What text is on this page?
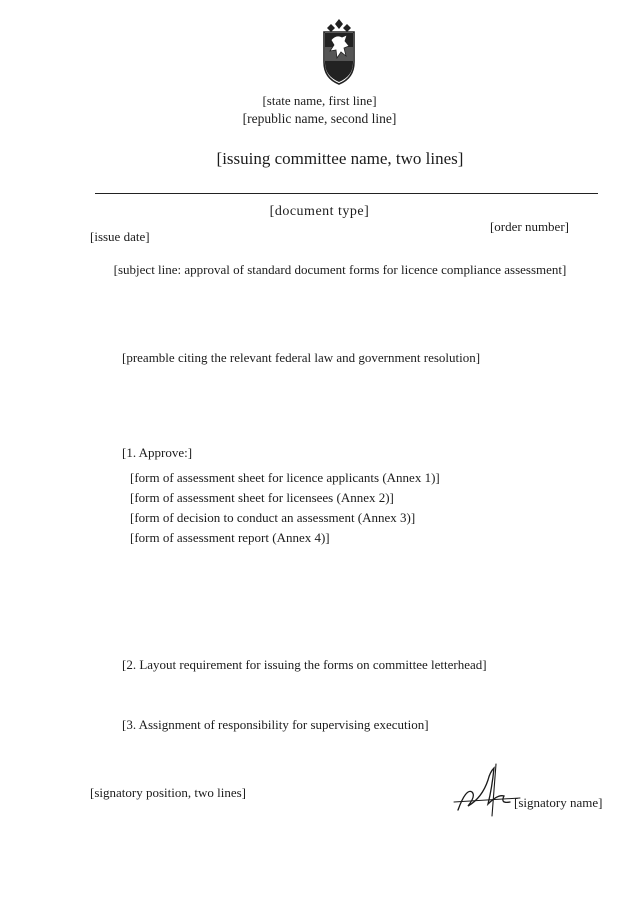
[state name, first line]
[republic name, second line]
[issuing committee name, two lines]
[document type]
[issue date]
[order number]
[subject line: approval of standard document forms for licence compliance assessment]
[preamble citing the relevant federal law and government resolution]
[1. Approve:]

[form of assessment sheet for licence applicants (Annex 1)]

[form of assessment sheet for licensees (Annex 2)]

[form of decision to conduct an assessment (Annex 3)]

[form of assessment report (Annex 4)]

[2. Layout requirement for issuing the forms on committee letterhead]
[3. Assignment of responsibility for supervising execution]
[signatory position, two lines]
[signatory name]
